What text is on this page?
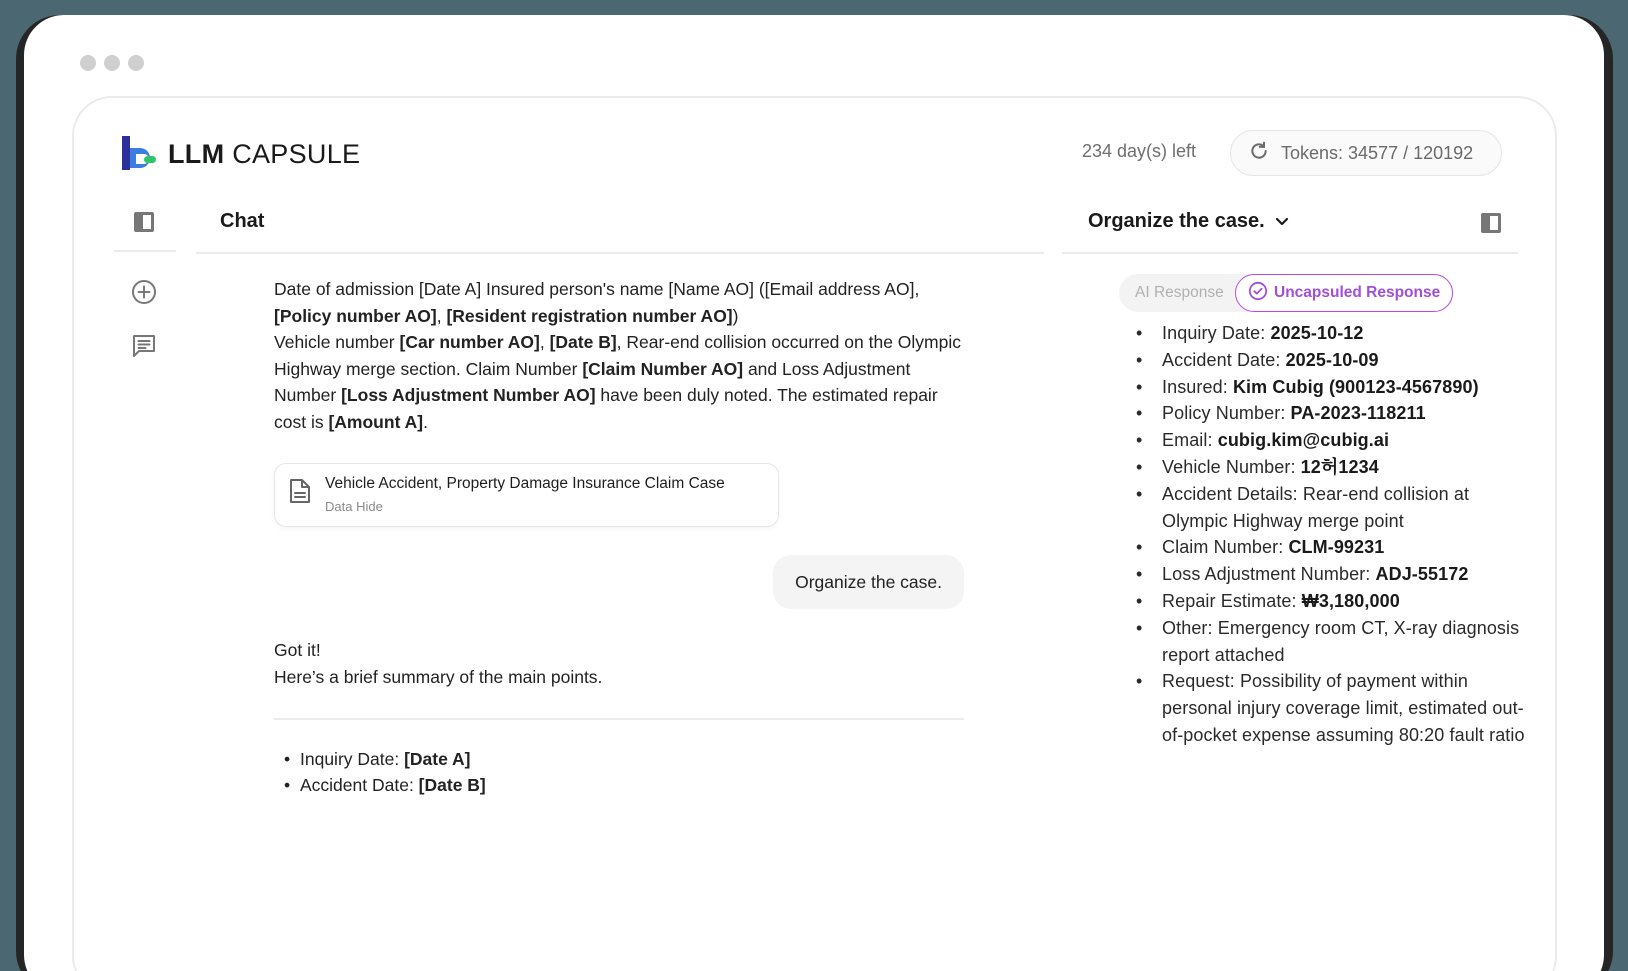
LLM CAPSULE	234 day(s) left	Tokens: 34577 / 120192
Chat
Date of admission [Date A] Insured person's name [Name AO] ([Email address AO],
[Policy number AO], [Resident registration number AO])
Vehicle number [Car number AO], [Date B], Rear-end collision occurred on the Olympic Highway merge section. Claim Number [Claim Number AO] and Loss Adjustment Number [Loss Adjustment Number AO] have been duly noted. The estimated repair cost is [Amount A].
Vehicle Accident, Property Damage Insurance Claim Case
Data Hide
Organize the case.
Got it!
Here’s a brief summary of the main points.
• Inquiry Date: [Date A]
• Accident Date: [Date B]
Organize the case.
AI Response	Uncapsuled Response
• Inquiry Date: 2025-10-12
• Accident Date: 2025-10-09
• Insured: Kim Cubig (900123-4567890)
• Policy Number: PA-2023-118211
• Email: cubig.kim@cubig.ai
• Vehicle Number: 12허1234
• Accident Details: Rear-end collision at Olympic Highway merge point
• Claim Number: CLM-99231
• Loss Adjustment Number: ADJ-55172
• Repair Estimate: ₩3,180,000
• Other: Emergency room CT, X-ray diagnosis report attached
• Request: Possibility of payment within personal injury coverage limit, estimated out-of-pocket expense assuming 80:20 fault ratio
